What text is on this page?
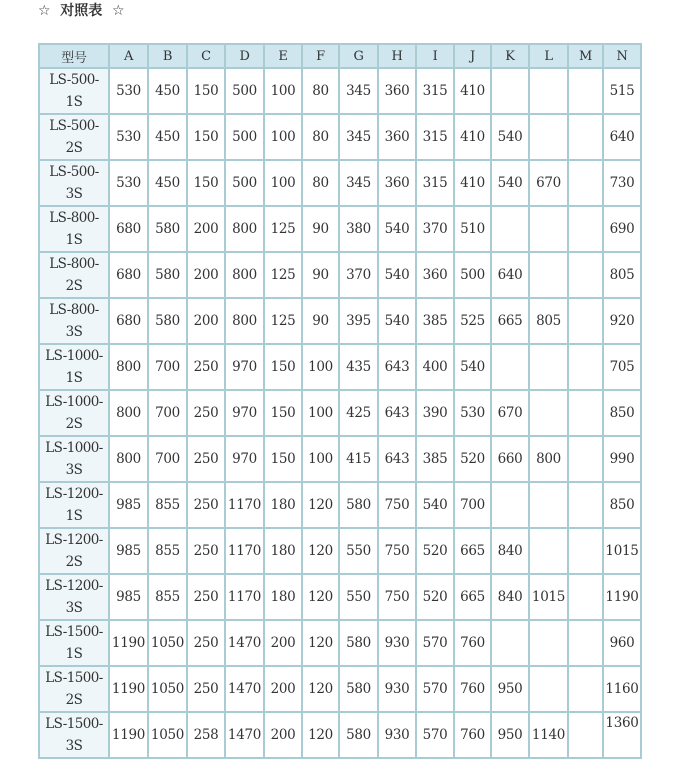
☆  对照表  ☆
型号	A	B	C	D	E	F	G	H	I	J	K	L	M	N
LS-500-
1S	530	450	150	500	100	80	345	360	315	410				515
LS-500-
2S	530	450	150	500	100	80	345	360	315	410	540			640
LS-500-
3S	530	450	150	500	100	80	345	360	315	410	540	670		730
LS-800-
1S	680	580	200	800	125	90	380	540	370	510				690
LS-800-
2S	680	580	200	800	125	90	370	540	360	500	640			805
LS-800-
3S	680	580	200	800	125	90	395	540	385	525	665	805		920
LS-1000-
1S	800	700	250	970	150	100	435	643	400	540				705
LS-1000-
2S	800	700	250	970	150	100	425	643	390	530	670			850
LS-1000-
3S	800	700	250	970	150	100	415	643	385	520	660	800		990
LS-1200-
1S	985	855	250	1170	180	120	580	750	540	700				850
LS-1200-
2S	985	855	250	1170	180	120	550	750	520	665	840			1015
LS-1200-
3S	985	855	250	1170	180	120	550	750	520	665	840	1015		1190
LS-1500-
1S	1190	1050	250	1470	200	120	580	930	570	760				960
LS-1500-
2S	1190	1050	250	1470	200	120	580	930	570	760	950			1160
LS-1500-
3S	1190	1050	258	1470	200	120	580	930	570	760	950	1140		1360
